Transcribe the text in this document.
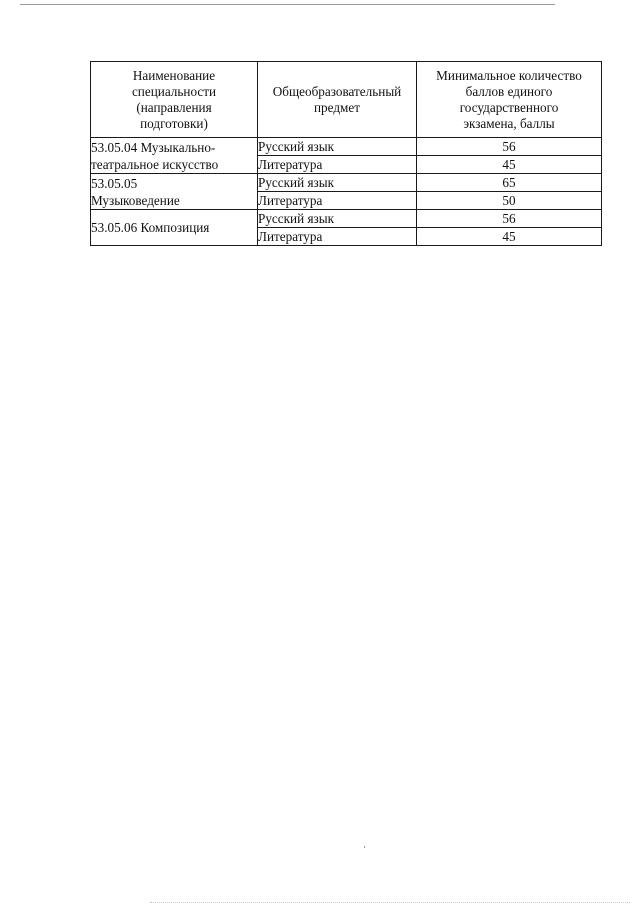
Наименование специальности (направления подготовки)	Общеобразовательный предмет	Минимальное количество баллов единого государственного экзамена, баллы
53.05.04 Музыкально-театральное искусство	Русский язык	56
	Литература	45
53.05.05 Музыковедение	Русский язык	65
	Литература	50
53.05.06 Композиция	Русский язык	56
	Литература	45
